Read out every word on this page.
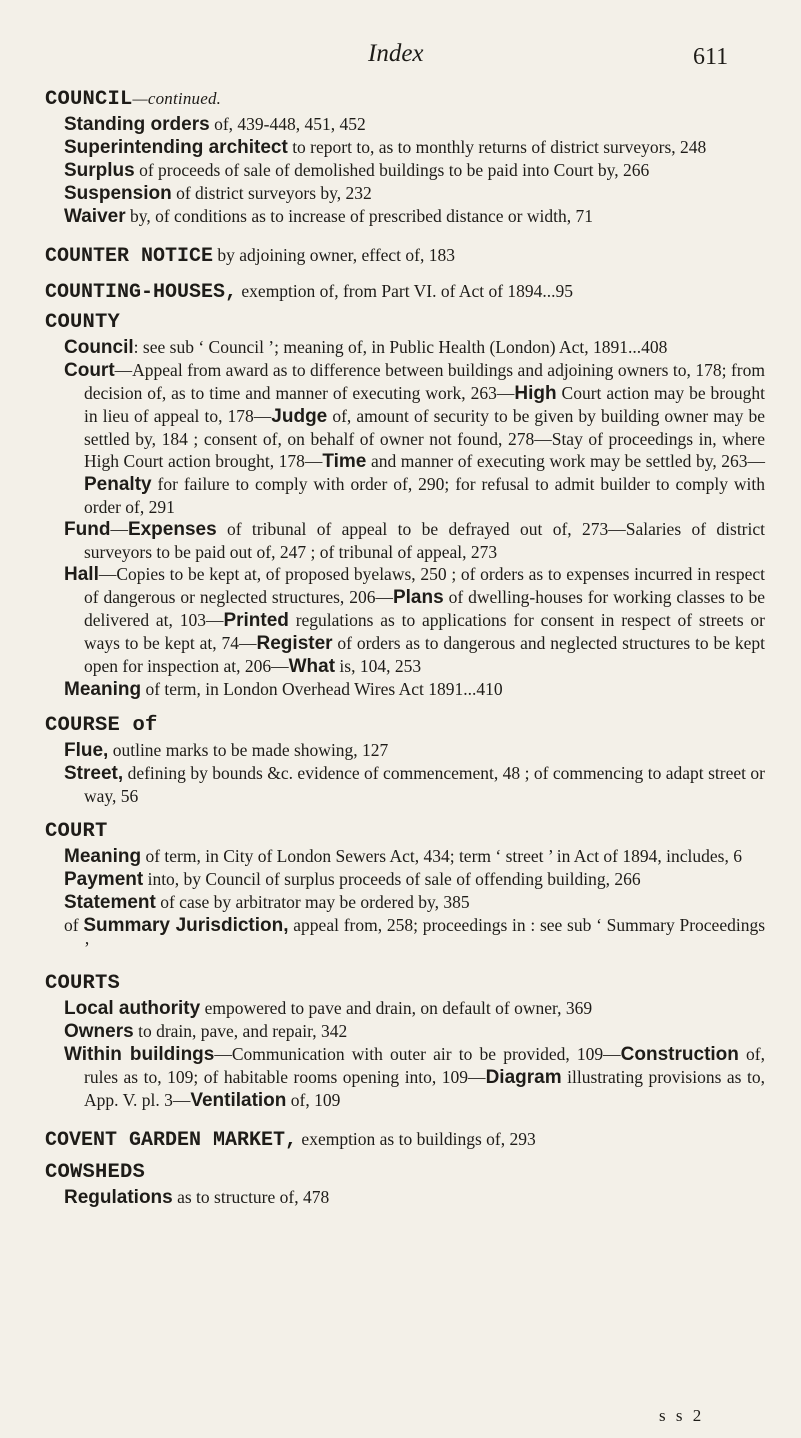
Index	611
COUNCIL—continued.
Standing orders of, 439-448, 451, 452
Superintending architect to report to, as to monthly returns of district surveyors, 248
Surplus of proceeds of sale of demolished buildings to be paid into Court by, 266
Suspension of district surveyors by, 232
Waiver by, of conditions as to increase of prescribed distance or width, 71
COUNTER NOTICE by adjoining owner, effect of, 183
COUNTING-HOUSES, exemption of, from Part VI. of Act of 1894...95
COUNTY
Council: see sub ‘ Council ’; meaning of, in Public Health (London) Act, 1891...408
Court—Appeal from award as to difference between buildings and adjoining owners to, 178; from decision of, as to time and manner of executing work, 263—High Court action may be brought in lieu of appeal to, 178—Judge of, amount of security to be given by building owner may be settled by, 184 ; consent of, on behalf of owner not found, 278—Stay of proceedings in, where High Court action brought, 178—Time and manner of executing work may be settled by, 263—Penalty for failure to comply with order of, 290; for refusal to admit builder to comply with order of, 291
Fund—Expenses of tribunal of appeal to be defrayed out of, 273—Salaries of district surveyors to be paid out of, 247 ; of tribunal of appeal, 273
Hall—Copies to be kept at, of proposed byelaws, 250 ; of orders as to expenses incurred in respect of dangerous or neglected structures, 206—Plans of dwelling-houses for working classes to be delivered at, 103—Printed regulations as to applications for consent in respect of streets or ways to be kept at, 74—Register of orders as to dangerous and neglected structures to be kept open for inspection at, 206—What is, 104, 253
Meaning of term, in London Overhead Wires Act 1891...410
COURSE of
Flue, outline marks to be made showing, 127
Street, defining by bounds &c. evidence of commencement, 48 ; of commencing to adapt street or way, 56
COURT
Meaning of term, in City of London Sewers Act, 434; term ‘ street ’ in Act of 1894, includes, 6
Payment into, by Council of surplus proceeds of sale of offending building, 266
Statement of case by arbitrator may be ordered by, 385
of Summary Jurisdiction, appeal from, 258; proceedings in : see sub ‘ Summary Proceedings ’
COURTS
Local authority empowered to pave and drain, on default of owner, 369
Owners to drain, pave, and repair, 342
Within buildings—Communication with outer air to be provided, 109—Construction of, rules as to, 109; of habitable rooms opening into, 109—Diagram illustrating provisions as to, App. V. pl. 3—Ventilation of, 109
COVENT GARDEN MARKET, exemption as to buildings of, 293
COWSHEDS
Regulations as to structure of, 478
s s 2
